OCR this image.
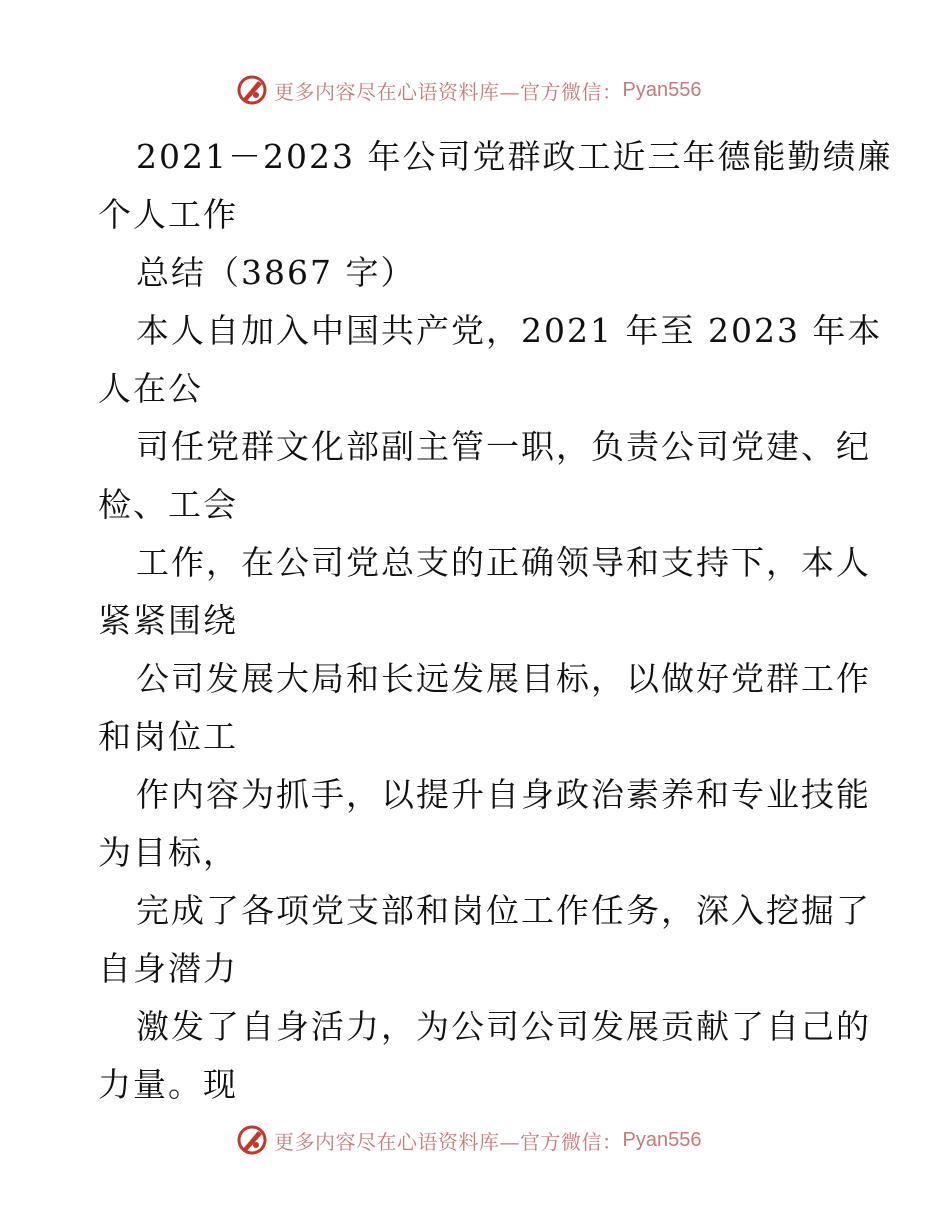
更多内容尽在心语资料库—官方微信： Pyan556
2021－2023 年公司党群政工近三年德能勤绩廉
个人工作
总结（3867 字）
本人自加入中国共产党，2021 年至 2023 年本
人在公
司任党群文化部副主管一职，负责公司党建、纪
检、工会
工作，在公司党总支的正确领导和支持下，本人
紧紧围绕
公司发展大局和长远发展目标，以做好党群工作
和岗位工
作内容为抓手，以提升自身政治素养和专业技能
为目标，
完成了各项党支部和岗位工作任务，深入挖掘了
自身潜力
激发了自身活力，为公司公司发展贡献了自己的
力量。现
更多内容尽在心语资料库—官方微信： Pyan556
